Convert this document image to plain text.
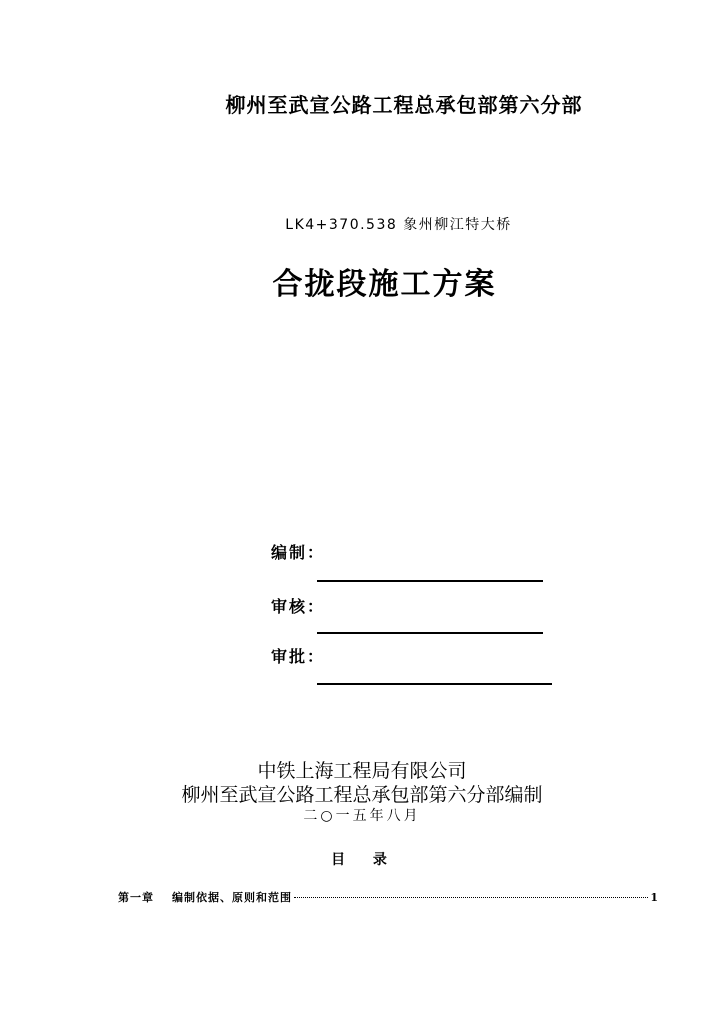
柳州至武宣公路工程总承包部第六分部
LK4+370.538 象州柳江特大桥
合拢段施工方案
编制：
审核：
审批：
中铁上海工程局有限公司
柳州至武宣公路工程总承包部第六分部编制
二○一五年八月
目  录
第一章 编制依据、原则和范围	1
